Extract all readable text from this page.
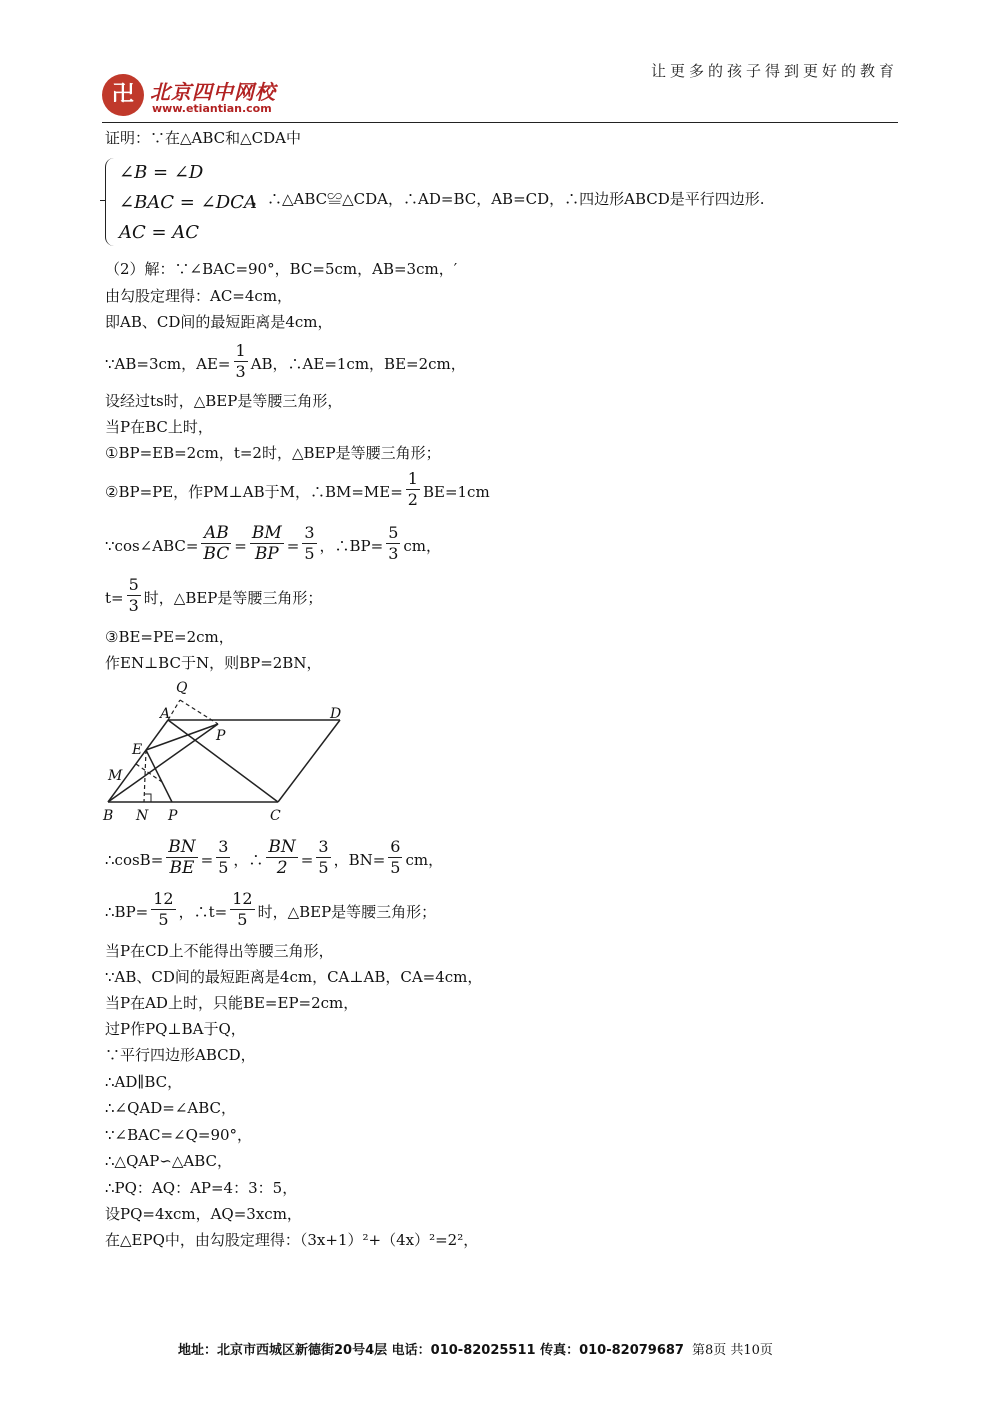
让更多的孩子得到更好的教育
卍 北京四中网校
www.etiantian.com
证明：∵在△ABC和△CDA中
∠B = ∠D
∠BAC = ∠DCA
AC = AC
，∴△ABC≌△CDA，∴AD=BC，AB=CD，∴四边形ABCD是平行四边形.
（2）解：∵∠BAC=90°，BC=5cm，AB=3cm，′
由勾股定理得：AC=4cm，
即AB、CD间的最短距离是4cm，
∵AB=3cm，$AE= \frac{1}{3}$ AB，∴AE=1cm，BE=2cm，
设经过ts时，△BEP是等腰三角形，
当P在BC上时，
①BP=EB=2cm，t=2时，△BEP是等腰三角形；
②BP=PE，作PM⊥AB于M，∴BM=ME= $\frac{1}{2} BE=1cm$
∵cos∠ABC= $\frac{AB}{BC} = \frac{BM}{BP} = \frac{3}{5}$ ，∴BP= $\frac{5}{3}$ cm，
$t= \frac{5}{3}$ 时，△BEP是等腰三角形；
③BE=PE=2cm，
作EN⊥BC于N，则BP=2BN，
Q
A	D
P
E
M
B N P	C
∴cosB= $\frac{BN}{BE} = \frac{3}{5}$ ，∴ $\frac{BN}{2} = \frac{3}{5}$ ，$BN= \frac{6}{5}$ cm，
∴BP= $\frac{12}{5}$ ，∴t= $\frac{12}{5}$ 时，△BEP是等腰三角形；
当P在CD上不能得出等腰三角形，
∵AB、CD间的最短距离是4cm，CA⊥AB，CA=4cm，
当P在AD上时，只能BE=EP=2cm，
过P作PQ⊥BA于Q，
∵平行四边形ABCD，
∴AD∥BC，
∴∠QAD=∠ABC，
∵∠BAC=∠Q=90°，
∴△QAP∽△ABC，
∴PQ：AQ：AP=4：3：5，
设PQ=4xcm，AQ=3xcm，
在△EPQ中，由勾股定理得：（3x+1）²+（4x）²=2²，
地址：北京市西城区新德街20号4层 电话：010-82025511 传真：010-82079687 第8页 共10页
